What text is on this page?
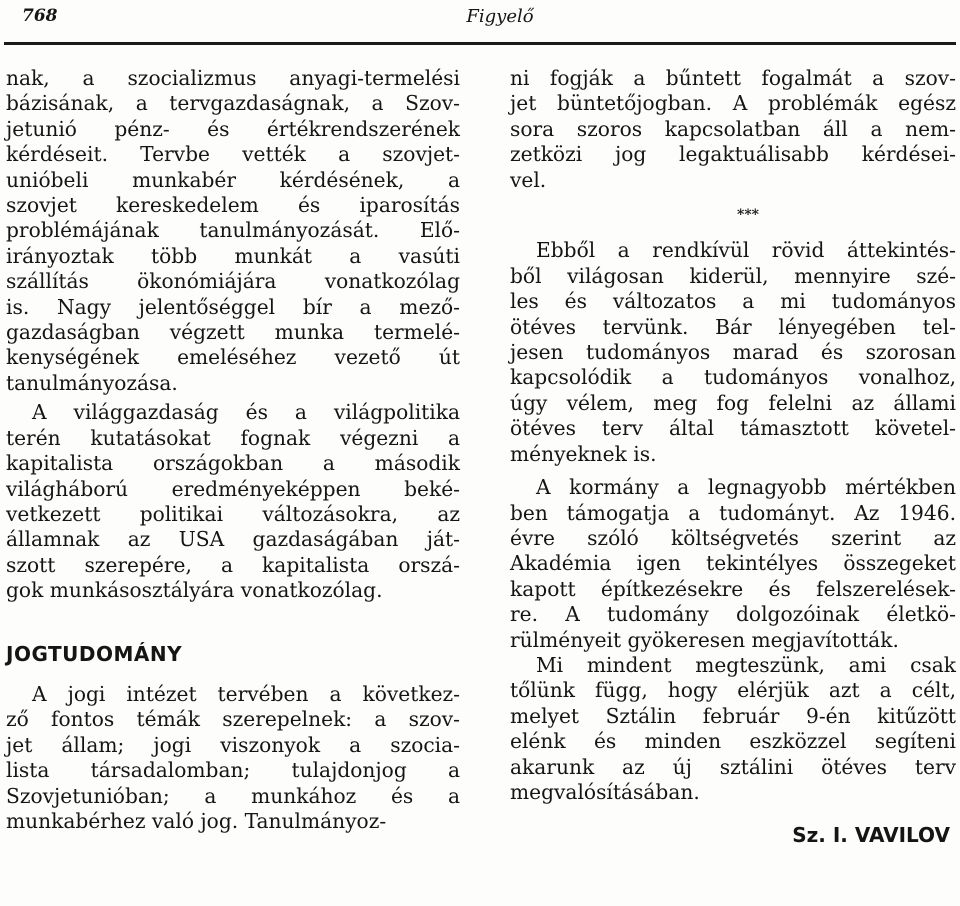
768	Figyelő
nak, a szocializmus anyagi-termelési
bázisának, a tervgazdaságnak, a Szov-
jetunió pénz- és értékrendszerének
kérdéseit. Tervbe vették a szovjet-
unióbeli munkabér kérdésének, a
szovjet kereskedelem és iparosítás
problémájának tanulmányozását. Elő-
irányoztak több munkát a vasúti
szállítás ökonómiájára vonatkozólag
is. Nagy jelentőséggel bír a mező-
gazdaságban végzett munka termelé-
kenységének emeléséhez vezető út
tanulmányozása.
A világgazdaság és a világpolitika
terén kutatásokat fognak végezni a
kapitalista országokban a második
világháború eredményeképpen beké-
vetkezett politikai változásokra, az
államnak az USA gazdaságában ját-
szott szerepére, a kapitalista orszá-
gok munkásosztályára vonatkozólag.
JOGTUDOMÁNY
A jogi intézet tervében a következ-
ző fontos témák szerepelnek: a szov-
jet állam; jogi viszonyok a szocia-
lista társadalomban; tulajdonjog a
Szovjetunióban; a munkához és a
munkabérhez való jog. Tanulmányoz-
ni fogják a bűntett fogalmát a szov-
jet büntetőjogban. A problémák egész
sora szoros kapcsolatban áll a nem-
zetközi jog legaktuálisabb kérdései-
vel.
***
Ebből a rendkívül rövid áttekintés-
ből világosan kiderül, mennyire szé-
les és változatos a mi tudományos
ötéves tervünk. Bár lényegében tel-
jesen tudományos marad és szorosan
kapcsolódik a tudományos vonalhoz,
úgy vélem, meg fog felelni az állami
ötéves terv által támasztott követel-
ményeknek is.
A kormány a legnagyobb mértékben
ben támogatja a tudományt. Az 1946.
évre szóló költségvetés szerint az
Akadémia igen tekintélyes összegeket
kapott építkezésekre és felszerelések-
re. A tudomány dolgozóinak életkö-
rülményeit gyökeresen megjavították.
Mi mindent megteszünk, ami csak
tőlünk függ, hogy elérjük azt a célt,
melyet Sztálin február 9-én kitűzött
elénk és minden eszközzel segíteni
akarunk az új sztálini ötéves terv
megvalósításában.
Sz. I. VAVILOV
